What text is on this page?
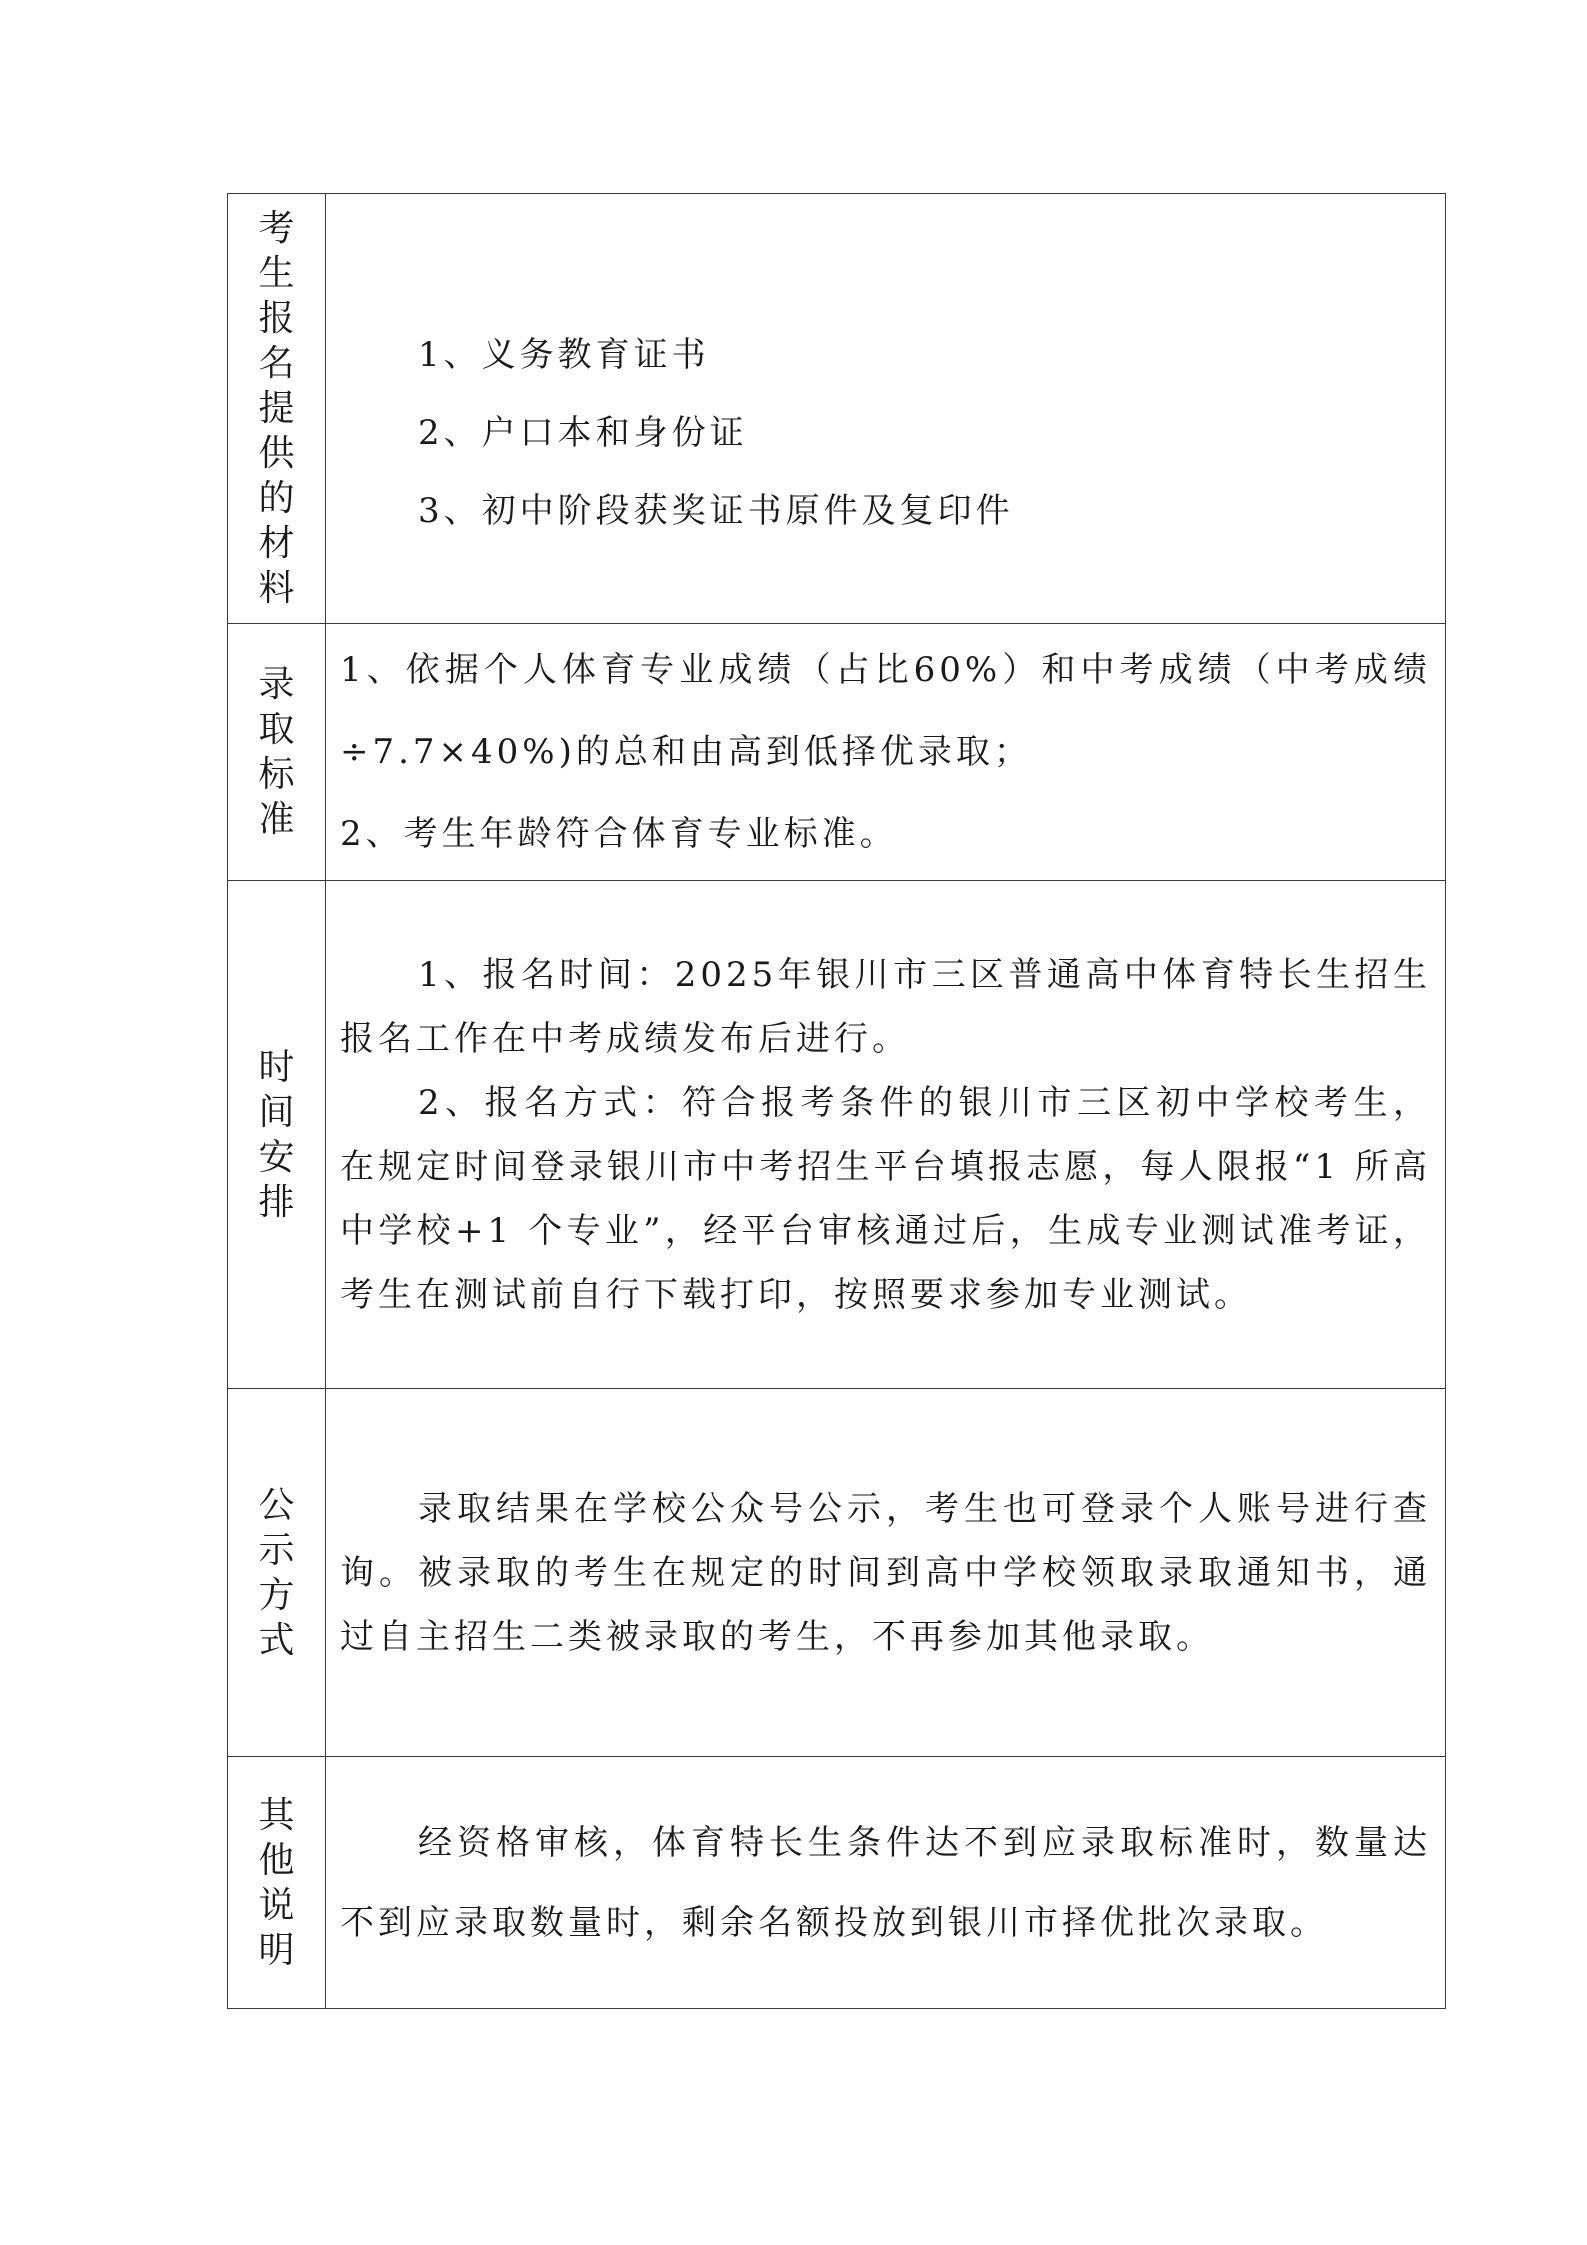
考生报名提供的材料	1、义务教育证书

2、户口本和身份证

3、初中阶段获奖证书原件及复印件

录取标准	1、依据个人体育专业成绩（占比60%）和中考成绩（中考成绩÷7.7×40%)的总和由高到低择优录取；

2、考生年龄符合体育专业标准。

时间安排	1、报名时间：2025年银川市三区普通高中体育特长生招生报名工作在中考成绩发布后进行。

2、报名方式：符合报考条件的银川市三区初中学校考生，在规定时间登录银川市中考招生平台填报志愿，每人限报“1 所高中学校+1 个专业”，经平台审核通过后，生成专业测试准考证，考生在测试前自行下载打印，按照要求参加专业测试。

公示方式	录取结果在学校公众号公示，考生也可登录个人账号进行查询。被录取的考生在规定的时间到高中学校领取录取通知书，通过自主招生二类被录取的考生，不再参加其他录取。

其他说明	经资格审核，体育特长生条件达不到应录取标准时，数量达不到应录取数量时，剩余名额投放到银川市择优批次录取。
